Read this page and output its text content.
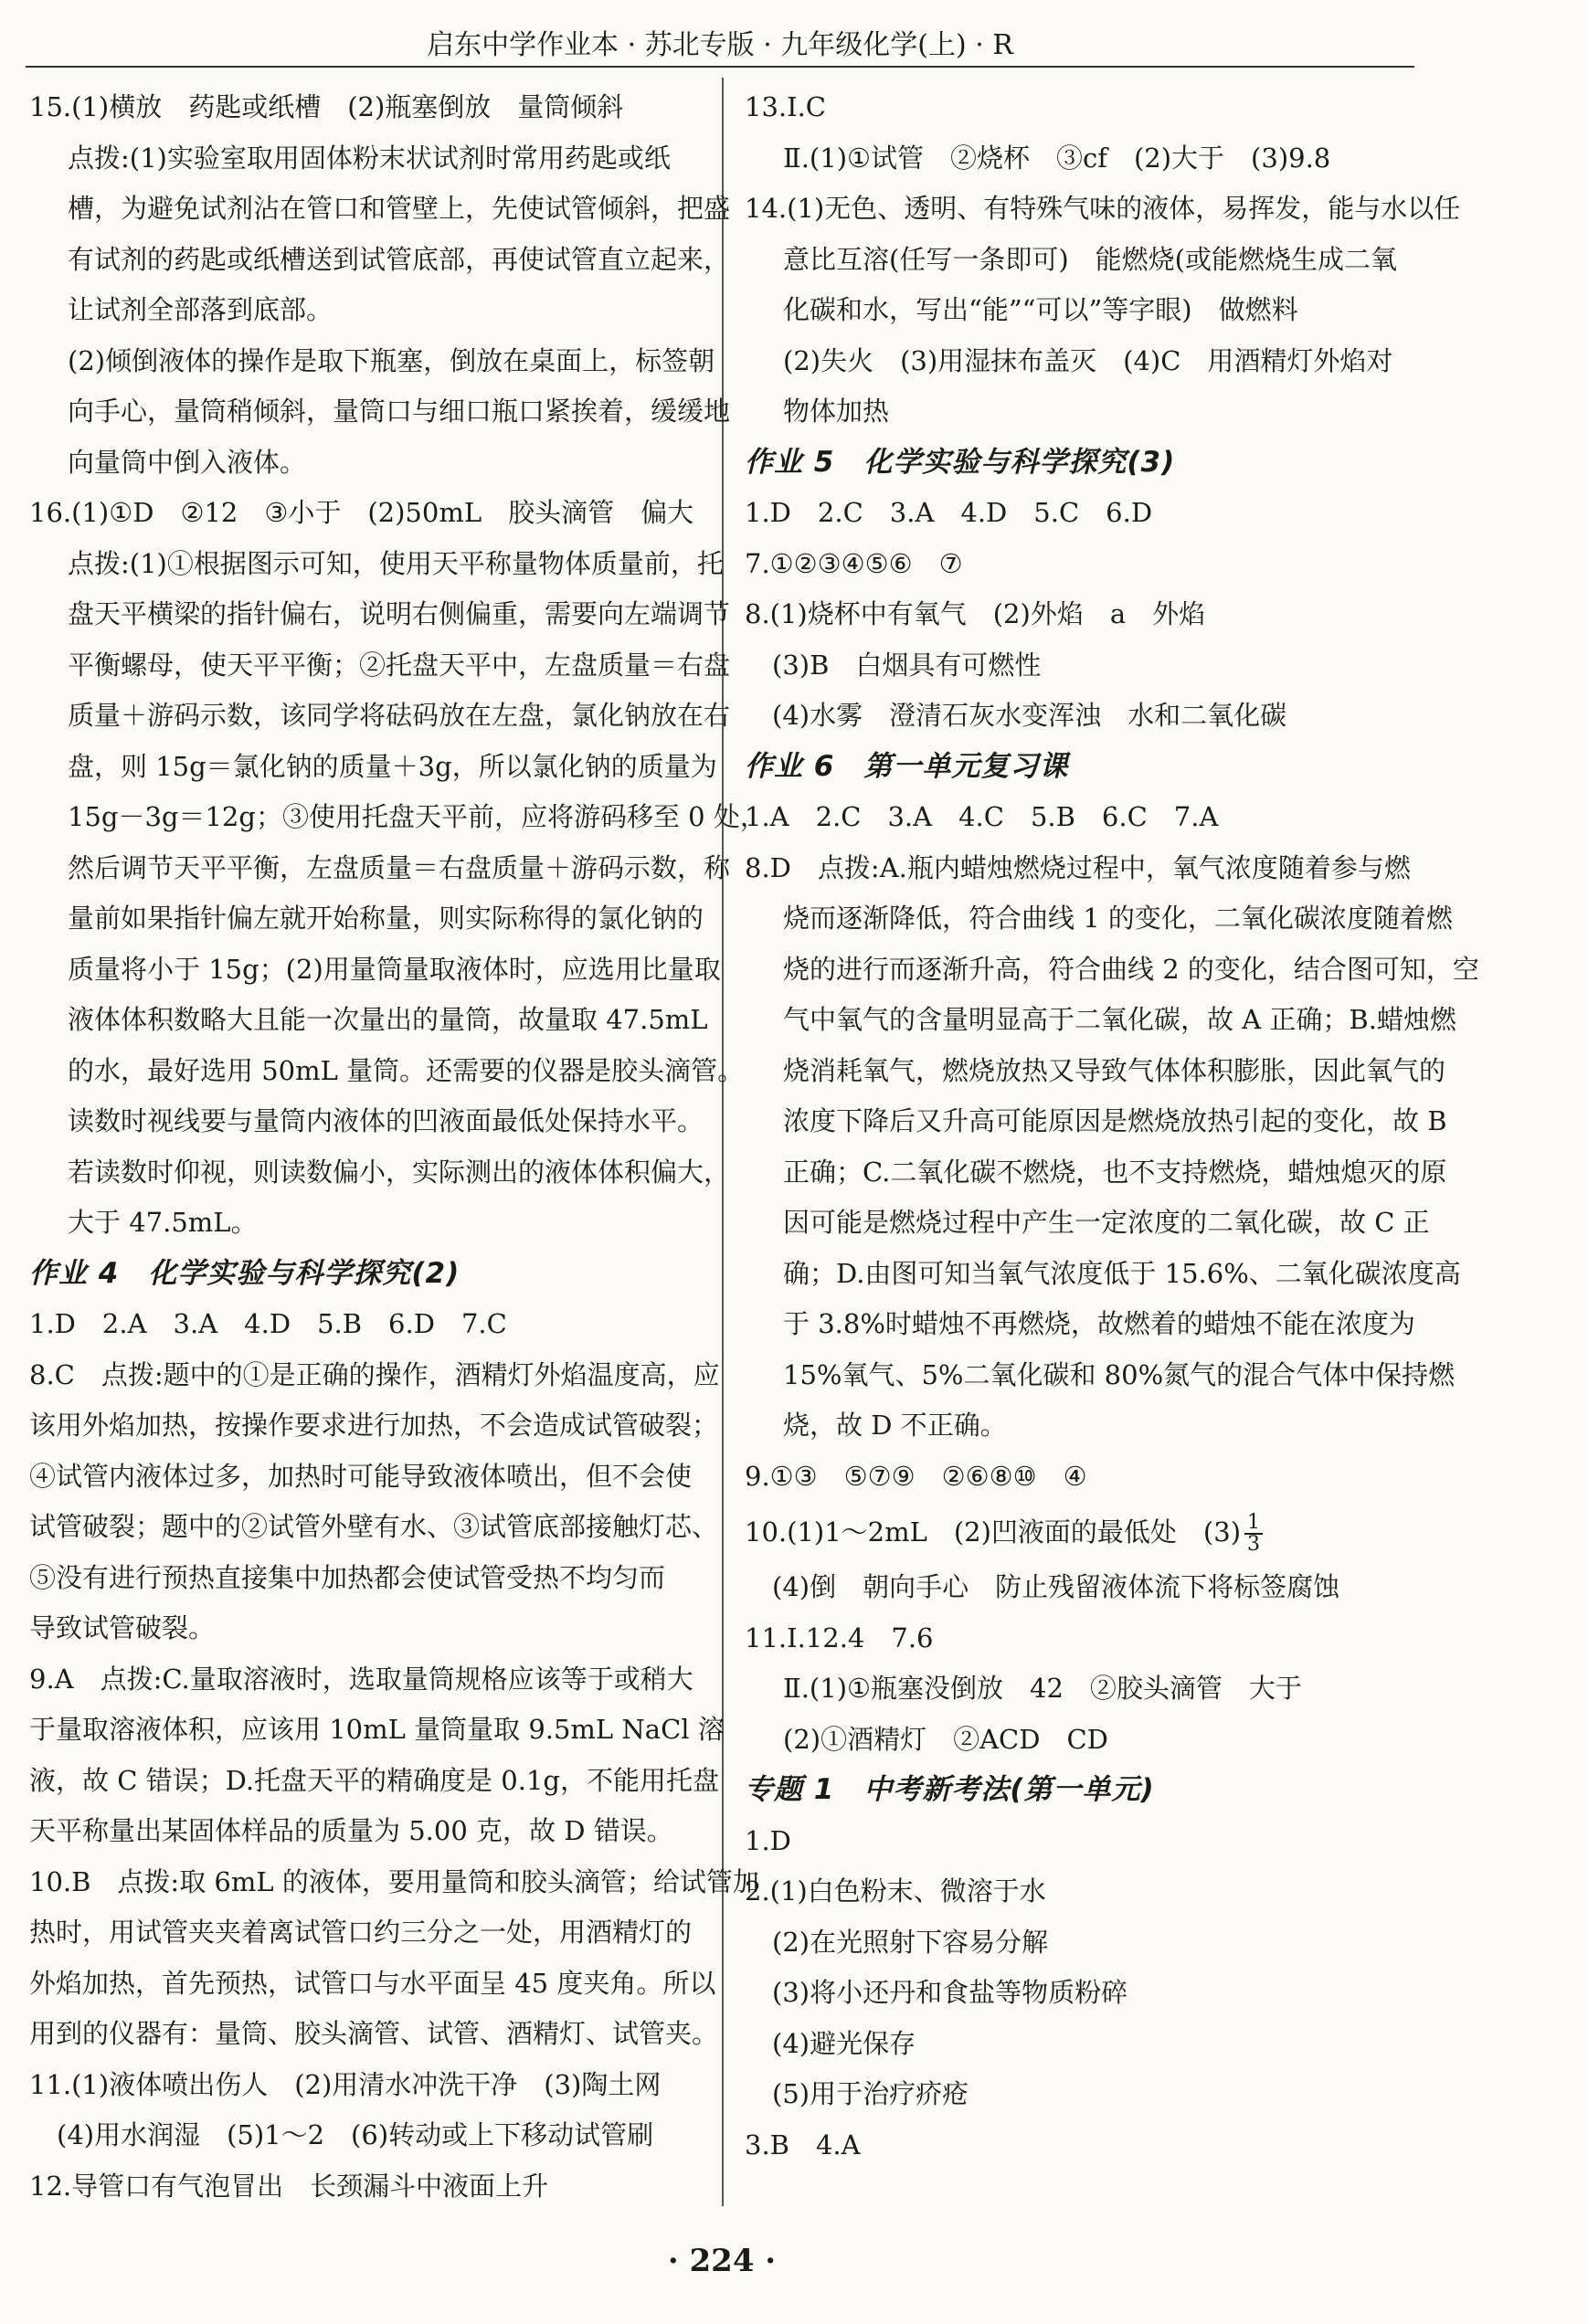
启东中学作业本 · 苏北专版 · 九年级化学(上) · R
15.(1)横放　药匙或纸槽　(2)瓶塞倒放　量筒倾斜
点拨:(1)实验室取用固体粉末状试剂时常用药匙或纸
槽，为避免试剂沾在管口和管壁上，先使试管倾斜，把盛
有试剂的药匙或纸槽送到试管底部，再使试管直立起来，
让试剂全部落到底部。
(2)倾倒液体的操作是取下瓶塞，倒放在桌面上，标签朝
向手心，量筒稍倾斜，量筒口与细口瓶口紧挨着，缓缓地
向量筒中倒入液体。
16.(1)①D　②12　③小于　(2)50mL　胶头滴管　偏大
点拨:(1)①根据图示可知，使用天平称量物体质量前，托
盘天平横梁的指针偏右，说明右侧偏重，需要向左端调节
平衡螺母，使天平平衡；②托盘天平中，左盘质量＝右盘
质量＋游码示数，该同学将砝码放在左盘，氯化钠放在右
盘，则 15g＝氯化钠的质量＋3g，所以氯化钠的质量为
15g－3g＝12g；③使用托盘天平前，应将游码移至 0 处，
然后调节天平平衡，左盘质量＝右盘质量＋游码示数，称
量前如果指针偏左就开始称量，则实际称得的氯化钠的
质量将小于 15g；(2)用量筒量取液体时，应选用比量取
液体体积数略大且能一次量出的量筒，故量取 47.5mL
的水，最好选用 50mL 量筒。还需要的仪器是胶头滴管。
读数时视线要与量筒内液体的凹液面最低处保持水平。
若读数时仰视，则读数偏小，实际测出的液体体积偏大，
大于 47.5mL。
作业 4　化学实验与科学探究(2)
1.D　2.A　3.A　4.D　5.B　6.D　7.C
8.C　点拨:题中的①是正确的操作，酒精灯外焰温度高，应
该用外焰加热，按操作要求进行加热，不会造成试管破裂；
④试管内液体过多，加热时可能导致液体喷出，但不会使
试管破裂；题中的②试管外壁有水、③试管底部接触灯芯、
⑤没有进行预热直接集中加热都会使试管受热不均匀而
导致试管破裂。
9.A　点拨:C.量取溶液时，选取量筒规格应该等于或稍大
于量取溶液体积，应该用 10mL 量筒量取 9.5mL NaCl 溶
液，故 C 错误；D.托盘天平的精确度是 0.1g，不能用托盘
天平称量出某固体样品的质量为 5.00 克，故 D 错误。
10.B　点拨:取 6mL 的液体，要用量筒和胶头滴管；给试管加
热时，用试管夹夹着离试管口约三分之一处，用酒精灯的
外焰加热，首先预热，试管口与水平面呈 45 度夹角。所以
用到的仪器有：量筒、胶头滴管、试管、酒精灯、试管夹。
11.(1)液体喷出伤人　(2)用清水冲洗干净　(3)陶土网
(4)用水润湿　(5)1～2　(6)转动或上下移动试管刷
12.导管口有气泡冒出　长颈漏斗中液面上升
13.Ⅰ.C
Ⅱ.(1)①试管　②烧杯　③cf　(2)大于　(3)9.8
14.(1)无色、透明、有特殊气味的液体，易挥发，能与水以任
意比互溶(任写一条即可)　能燃烧(或能燃烧生成二氧
化碳和水，写出“能”“可以”等字眼)　做燃料
(2)失火　(3)用湿抹布盖灭　(4)C　用酒精灯外焰对
物体加热
作业 5　化学实验与科学探究(3)
1.D　2.C　3.A　4.D　5.C　6.D
7.①②③④⑤⑥　⑦
8.(1)烧杯中有氧气　(2)外焰　a　外焰
(3)B　白烟具有可燃性
(4)水雾　澄清石灰水变浑浊　水和二氧化碳
作业 6　第一单元复习课
1.A　2.C　3.A　4.C　5.B　6.C　7.A
8.D　点拨:A.瓶内蜡烛燃烧过程中，氧气浓度随着参与燃
烧而逐渐降低，符合曲线 1 的变化，二氧化碳浓度随着燃
烧的进行而逐渐升高，符合曲线 2 的变化，结合图可知，空
气中氧气的含量明显高于二氧化碳，故 A 正确；B.蜡烛燃
烧消耗氧气，燃烧放热又导致气体体积膨胀，因此氧气的
浓度下降后又升高可能原因是燃烧放热引起的变化，故 B
正确；C.二氧化碳不燃烧，也不支持燃烧，蜡烛熄灭的原
因可能是燃烧过程中产生一定浓度的二氧化碳，故 C 正
确；D.由图可知当氧气浓度低于 15.6%、二氧化碳浓度高
于 3.8%时蜡烛不再燃烧，故燃着的蜡烛不能在浓度为
15%氧气、5%二氧化碳和 80%氮气的混合气体中保持燃
烧，故 D 不正确。
9.①③　⑤⑦⑨　②⑥⑧⑩　④
10.(1)1～2mL　(2)凹液面的最低处　$(3) \frac{1}{3}$
(4)倒　朝向手心　防止残留液体流下将标签腐蚀
11.Ⅰ.12.4　7.6
Ⅱ.(1)①瓶塞没倒放　42　②胶头滴管　大于
(2)①酒精灯　②ACD　CD
专题 1　中考新考法(第一单元)
1.D
2.(1)白色粉末、微溶于水
(2)在光照射下容易分解
(3)将小还丹和食盐等物质粉碎
(4)避光保存
(5)用于治疗疥疮
3.B　4.A
· 224 ·
